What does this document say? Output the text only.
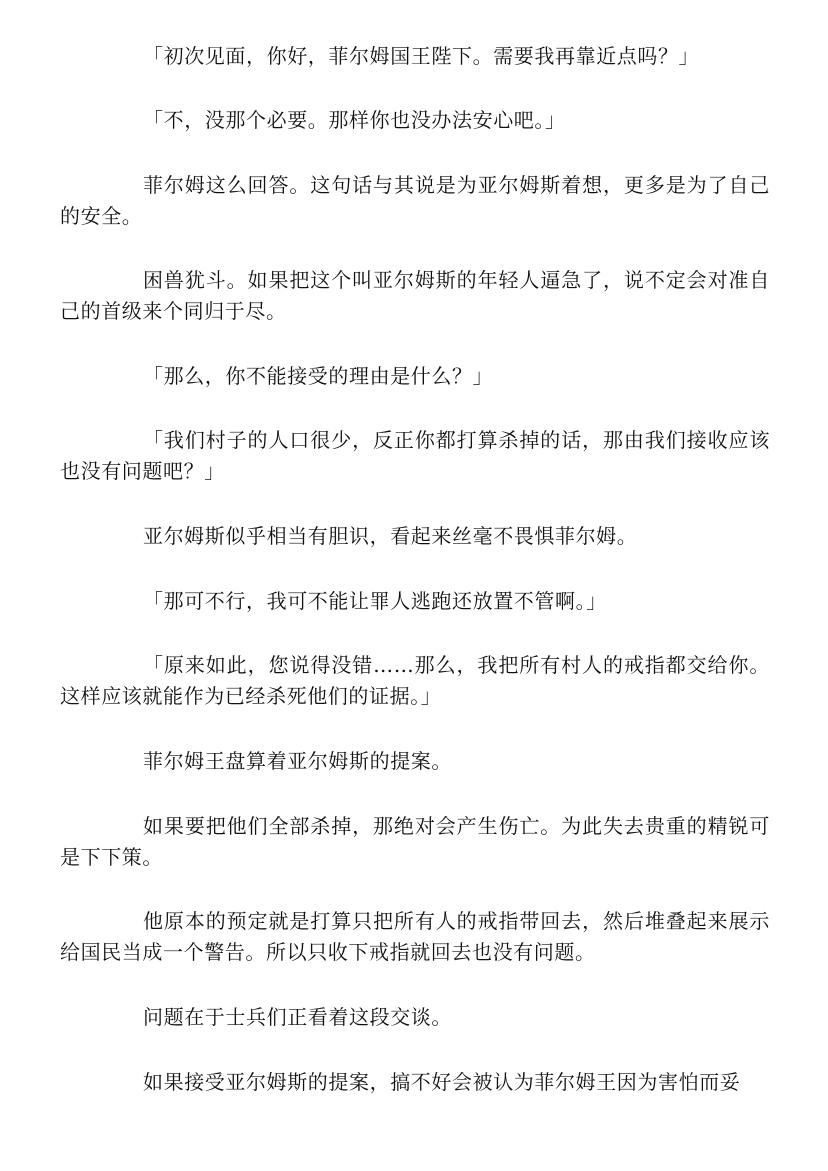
「初次见面，你好，菲尔姆国王陛下。需要我再靠近点吗？」

「不，没那个必要。那样你也没办法安心吧。」

菲尔姆这么回答。这句话与其说是为亚尔姆斯着想，更多是为了自己的安全。

困兽犹斗。如果把这个叫亚尔姆斯的年轻人逼急了，说不定会对准自己的首级来个同归于尽。

「那么，你不能接受的理由是什么？」

「我们村子的人口很少，反正你都打算杀掉的话，那由我们接收应该也没有问题吧？」

亚尔姆斯似乎相当有胆识，看起来丝毫不畏惧菲尔姆。

「那可不行，我可不能让罪人逃跑还放置不管啊。」

「原来如此，您说得没错……那么，我把所有村人的戒指都交给你。这样应该就能作为已经杀死他们的证据。」

菲尔姆王盘算着亚尔姆斯的提案。

如果要把他们全部杀掉，那绝对会产生伤亡。为此失去贵重的精锐可是下下策。

他原本的预定就是打算只把所有人的戒指带回去，然后堆叠起来展示给国民当成一个警告。所以只收下戒指就回去也没有问题。

问题在于士兵们正看着这段交谈。

如果接受亚尔姆斯的提案，搞不好会被认为菲尔姆王因为害怕而妥
